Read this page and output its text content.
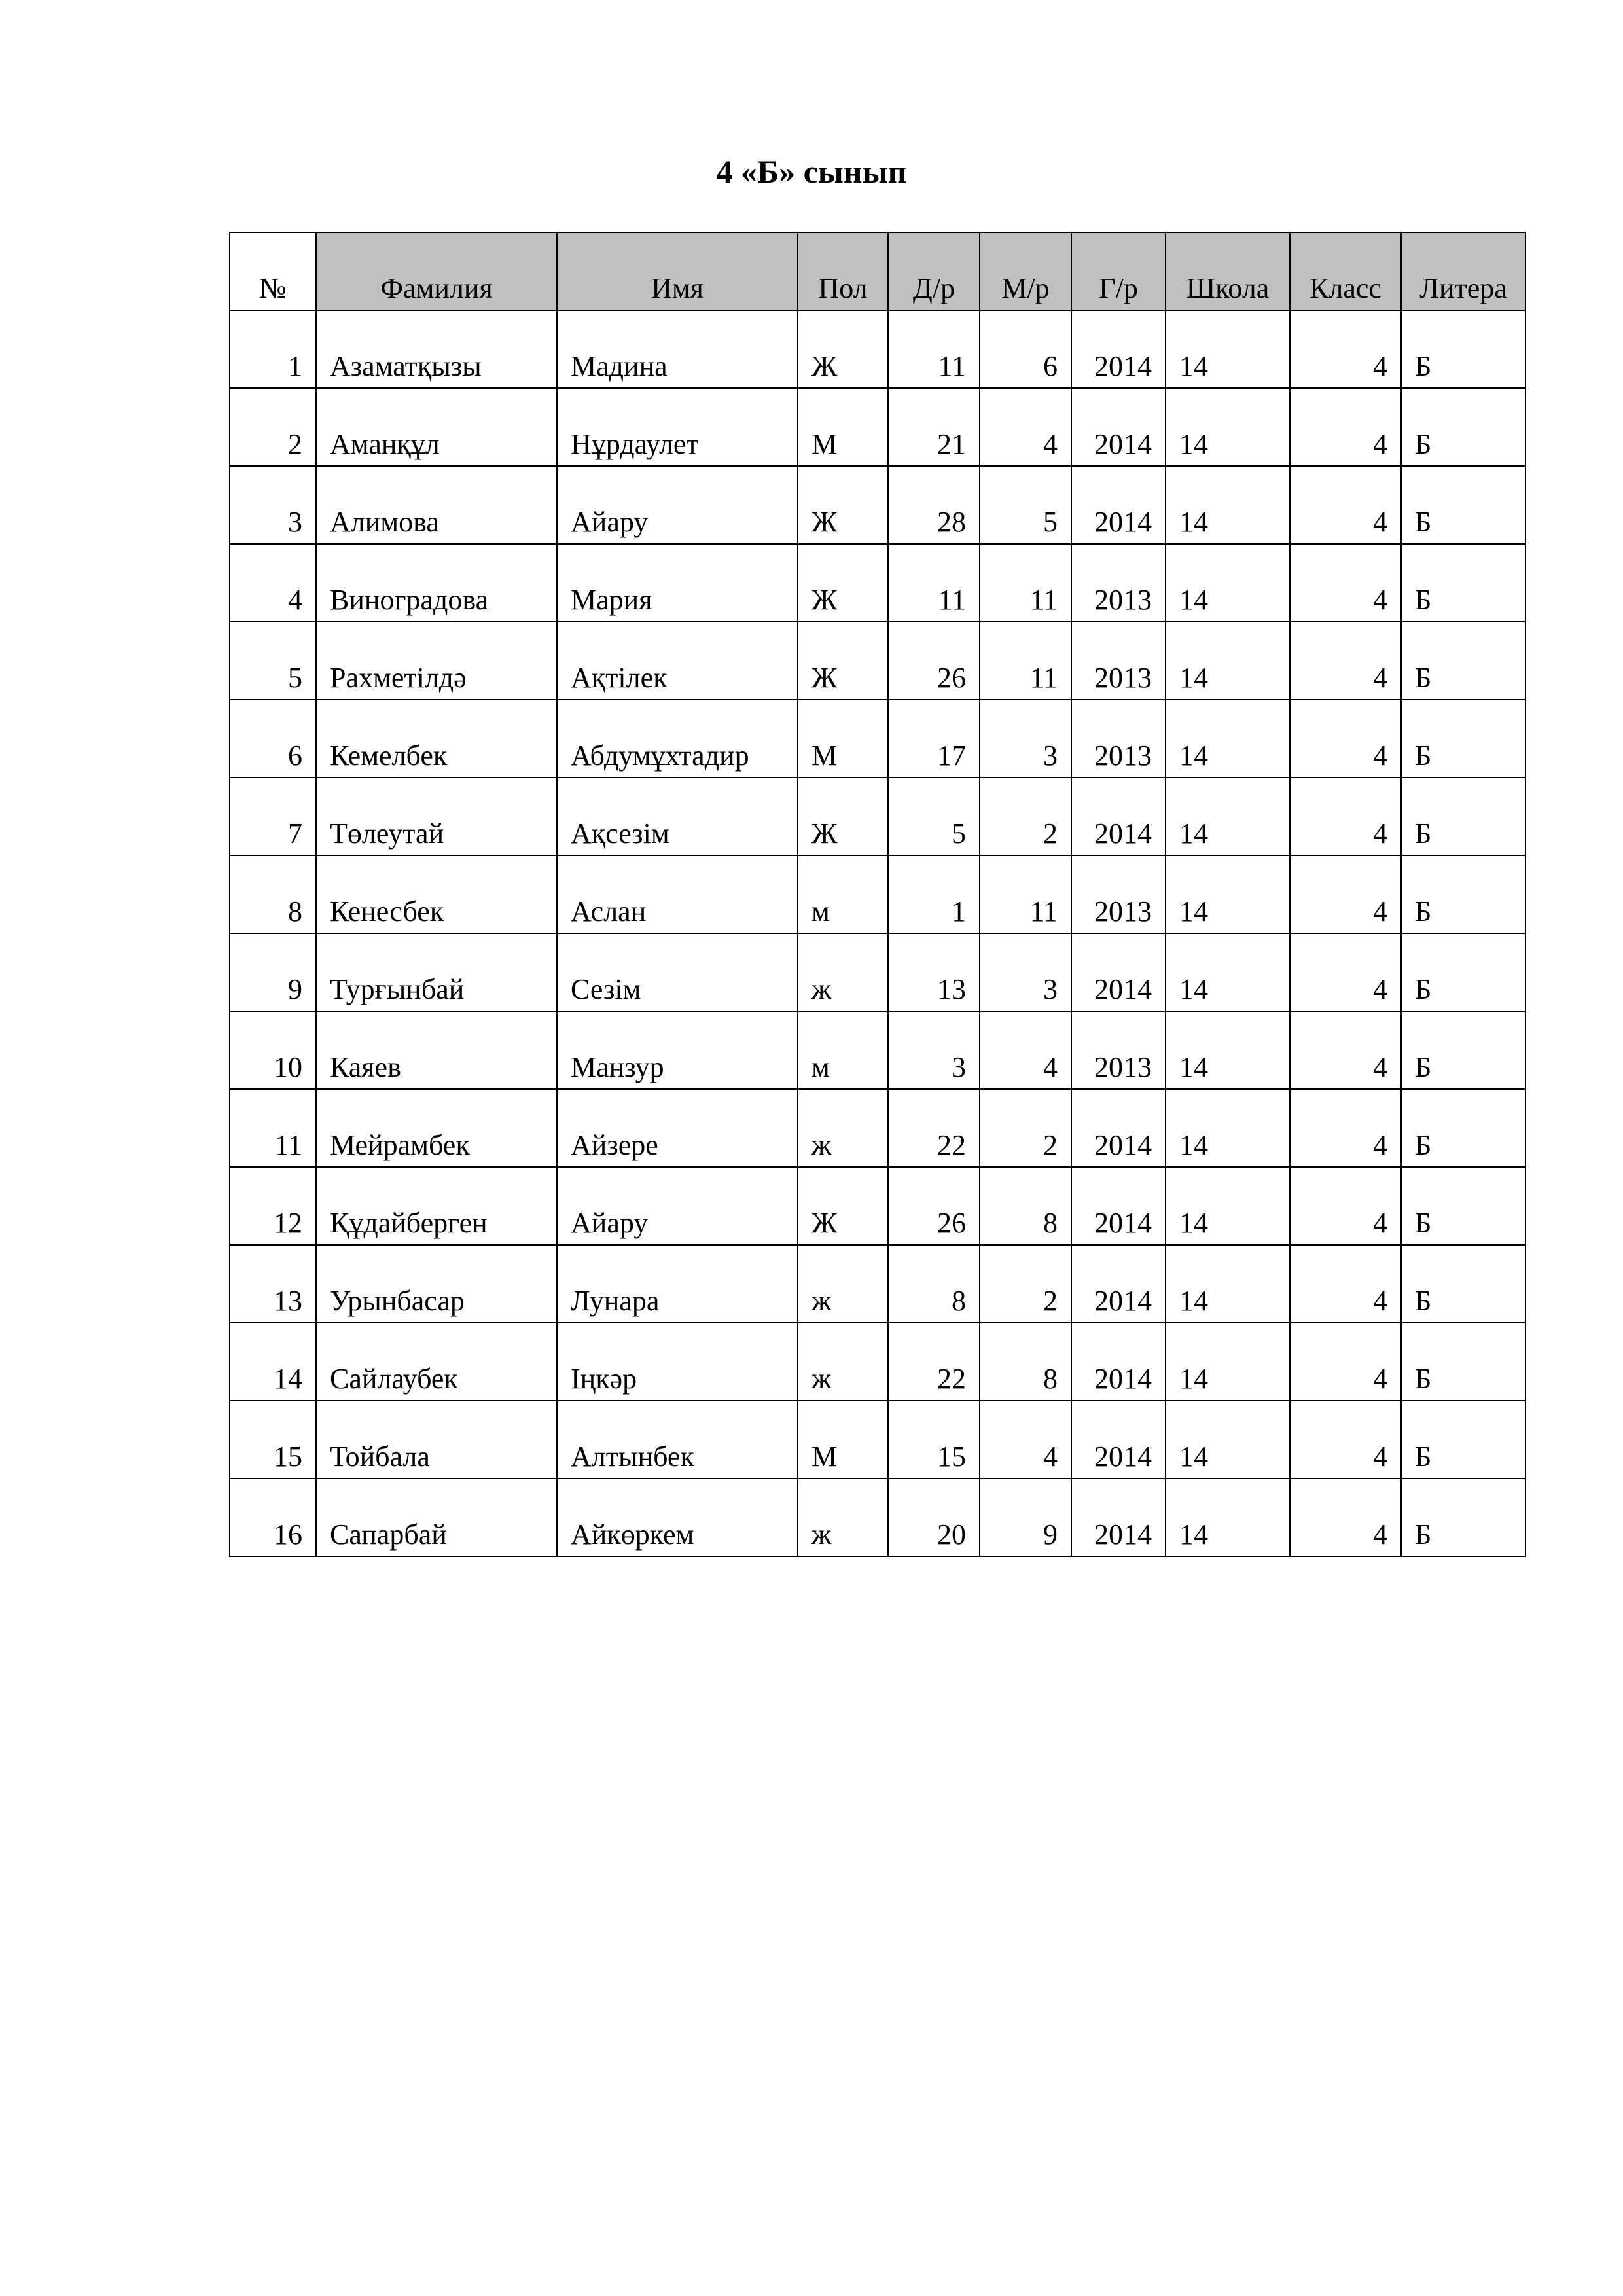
4 «Б» сынып
№	Фамилия	Имя	Пол	Д/р	М/р	Г/р	Школа	Класс	Литера
1	Азаматқызы	Мадина	Ж	11	6	2014	14	4	Б
2	Аманқұл	Нұрдаулет	М	21	4	2014	14	4	Б
3	Алимова	Айару	Ж	28	5	2014	14	4	Б
4	Виноградова	Мария	Ж	11	11	2013	14	4	Б
5	Рахметілдә	Ақтілек	Ж	26	11	2013	14	4	Б
6	Кемелбек	Абдумұхтадир	М	17	3	2013	14	4	Б
7	Төлеутай	Ақсезім	Ж	5	2	2014	14	4	Б
8	Кенесбек	Аслан	м	1	11	2013	14	4	Б
9	Турғынбай	Сезім	ж	13	3	2014	14	4	Б
10	Каяев	Манзур	м	3	4	2013	14	4	Б
11	Мейрамбек	Айзере	ж	22	2	2014	14	4	Б
12	Құдайберген	Айару	Ж	26	8	2014	14	4	Б
13	Урынбасар	Лунара	ж	8	2	2014	14	4	Б
14	Сайлаубек	Іңкәр	ж	22	8	2014	14	4	Б
15	Тойбала	Алтынбек	М	15	4	2014	14	4	Б
16	Сапарбай	Айкөркем	ж	20	9	2014	14	4	Б
